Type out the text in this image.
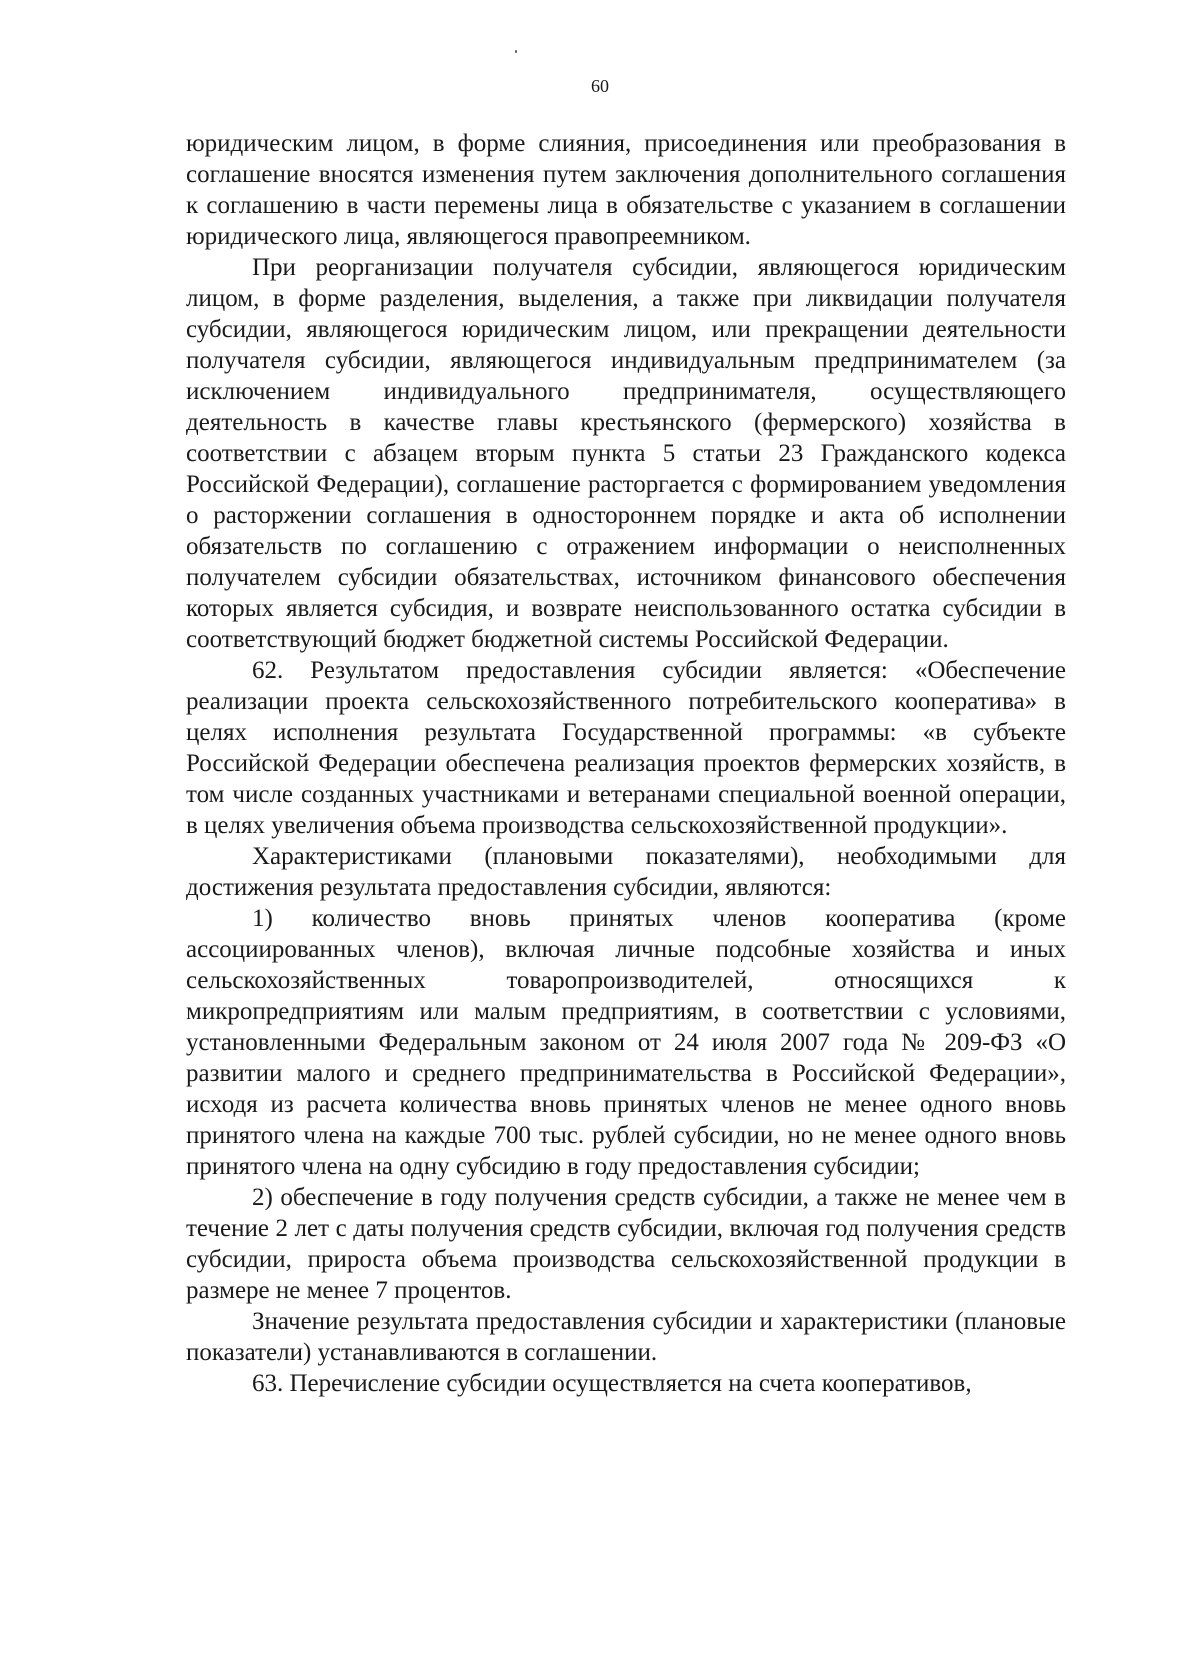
60

юридическим лицом, в форме слияния, присоединения или преобразования в соглашение вносятся изменения путем заключения дополнительного соглашения к соглашению в части перемены лица в обязательстве с указанием в соглашении юридического лица, являющегося правопреемником.

При реорганизации получателя субсидии, являющегося юридическим лицом, в форме разделения, выделения, а также при ликвидации получателя субсидии, являющегося юридическим лицом, или прекращении деятельности получателя субсидии, являющегося индивидуальным предпринимателем (за исключением индивидуального предпринимателя, осуществляющего деятельность в качестве главы крестьянского (фермерского) хозяйства в соответствии с абзацем вторым пункта 5 статьи 23 Гражданского кодекса Российской Федерации), соглашение расторгается с формированием уведомления о расторжении соглашения в одностороннем порядке и акта об исполнении обязательств по соглашению с отражением информации о неисполненных получателем субсидии обязательствах, источником финансового обеспечения которых является субсидия, и возврате неиспользованного остатка субсидии в соответствующий бюджет бюджетной системы Российской Федерации.

62. Результатом предоставления субсидии является: «Обеспечение реализации проекта сельскохозяйственного потребительского кооператива» в целях исполнения результата Государственной программы: «в субъекте Российской Федерации обеспечена реализация проектов фермерских хозяйств, в том числе созданных участниками и ветеранами специальной военной операции, в целях увеличения объема производства сельскохозяйственной продукции».

Характеристиками (плановыми показателями), необходимыми для достижения результата предоставления субсидии, являются:

1) количество вновь принятых членов кооператива (кроме ассоциированных членов), включая личные подсобные хозяйства и иных сельскохозяйственных товаропроизводителей, относящихся к микропредприятиям или малым предприятиям, в соответствии с условиями, установленными Федеральным законом от 24 июля 2007 года № 209-ФЗ «О развитии малого и среднего предпринимательства в Российской Федерации», исходя из расчета количества вновь принятых членов не менее одного вновь принятого члена на каждые 700 тыс. рублей субсидии, но не менее одного вновь принятого члена на одну субсидию в году предоставления субсидии;

2) обеспечение в году получения средств субсидии, а также не менее чем в течение 2 лет с даты получения средств субсидии, включая год получения средств субсидии, прироста объема производства сельскохозяйственной продукции в размере не менее 7 процентов.

Значение результата предоставления субсидии и характеристики (плановые показатели) устанавливаются в соглашении.

63. Перечисление субсидии осуществляется на счета кооперативов,
